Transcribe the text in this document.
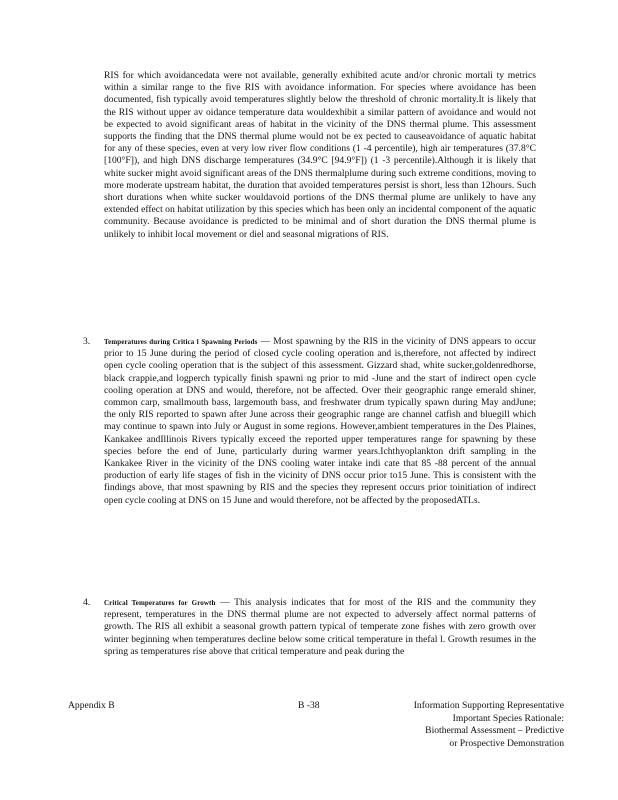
RIS for which avoidancedata were not available, generally exhibited acute and/or chronic mortali ty metrics within a similar range to the five RIS with avoidance information. For species where avoidance has been documented, fish typically avoid temperatures slightly below the threshold of chronic mortality.It is likely that the RIS without upper av oidance temperature data wouldexhibit a similar pattern of avoidance and would not be expected to avoid significant areas of habitat in the vicinity of the DNS thermal plume. This assessment supports the finding that the DNS thermal plume would not be ex pected to causeavoidance of aquatic habitat for any of these species, even at very low river flow conditions (1 -4 percentile), high air temperatures (37.8°C [100°F]), and high DNS discharge temperatures (34.9°C [94.9°F]) (1 -3 percentile).Although it is likely that white sucker might avoid significant areas of the DNS thermalplume during such extreme conditions, moving to more moderate upstream habitat, the duration that avoided temperatures persist is short, less than 12hours. Such short durations when white sucker wouldavoid portions of the DNS thermal plume are unlikely to have any extended effect on habitat utilization by this species which has been only an incidental component of the aquatic community. Because avoidance is predicted to be minimal and of short duration the DNS thermal plume is unlikely to inhibit local movement or diel and seasonal migrations of RIS.

3. Temperatures during Critica l Spawning Periods — Most spawning by the RIS in the vicinity of DNS appears to occur prior to 15 June during the period of closed cycle cooling operation and is,therefore, not affected by indirect open cycle cooling operation that is the subject of this assessment. Gizzard shad, white sucker,goldenredhorse, black crappie,and logperch typically finish spawni ng prior to mid -June and the start of indirect open cycle cooling operation at DNS and would, therefore, not be affected. Over their geographic range emerald shiner, common carp, smallmouth bass, largemouth bass, and freshwater drum typically spawn during May andJune; the only RIS reported to spawn after June across their geographic range are channel catfish and bluegill which may continue to spawn into July or August in some regions. However,ambient temperatures in the Des Plaines, Kankakee andIllinois Rivers typically exceed the reported upper temperatures range for spawning by these species before the end of June, particularly during warmer years.Ichthyoplankton drift sampling in the Kankakee River in the vicinity of the DNS cooling water intake indi cate that 85 -88 percent of the annual production of early life stages of fish in the vicinity of DNS occur prior to15 June. This is consistent with the findings above, that most spawning by RIS and the species they represent occurs prior toinitiation of indirect open cycle cooling at DNS on 15 June and would therefore, not be affected by the proposedATLs.

4. Critical Temperatures for Growth — This analysis indicates that for most of the RIS and the community they represent, temperatures in the DNS thermal plume are not expected to adversely affect normal patterns of growth. The RIS all exhibit a seasonal growth pattern typical of temperate zone fishes with zero growth over winter beginning when temperatures decline below some critical temperature in thefal l. Growth resumes in the spring as temperatures rise above that critical temperature and peak during the

Appendix B	B -38	Information Supporting Representative
Important Species Rationale:
Biothermal Assessment – Predictive
or Prospective Demonstration
